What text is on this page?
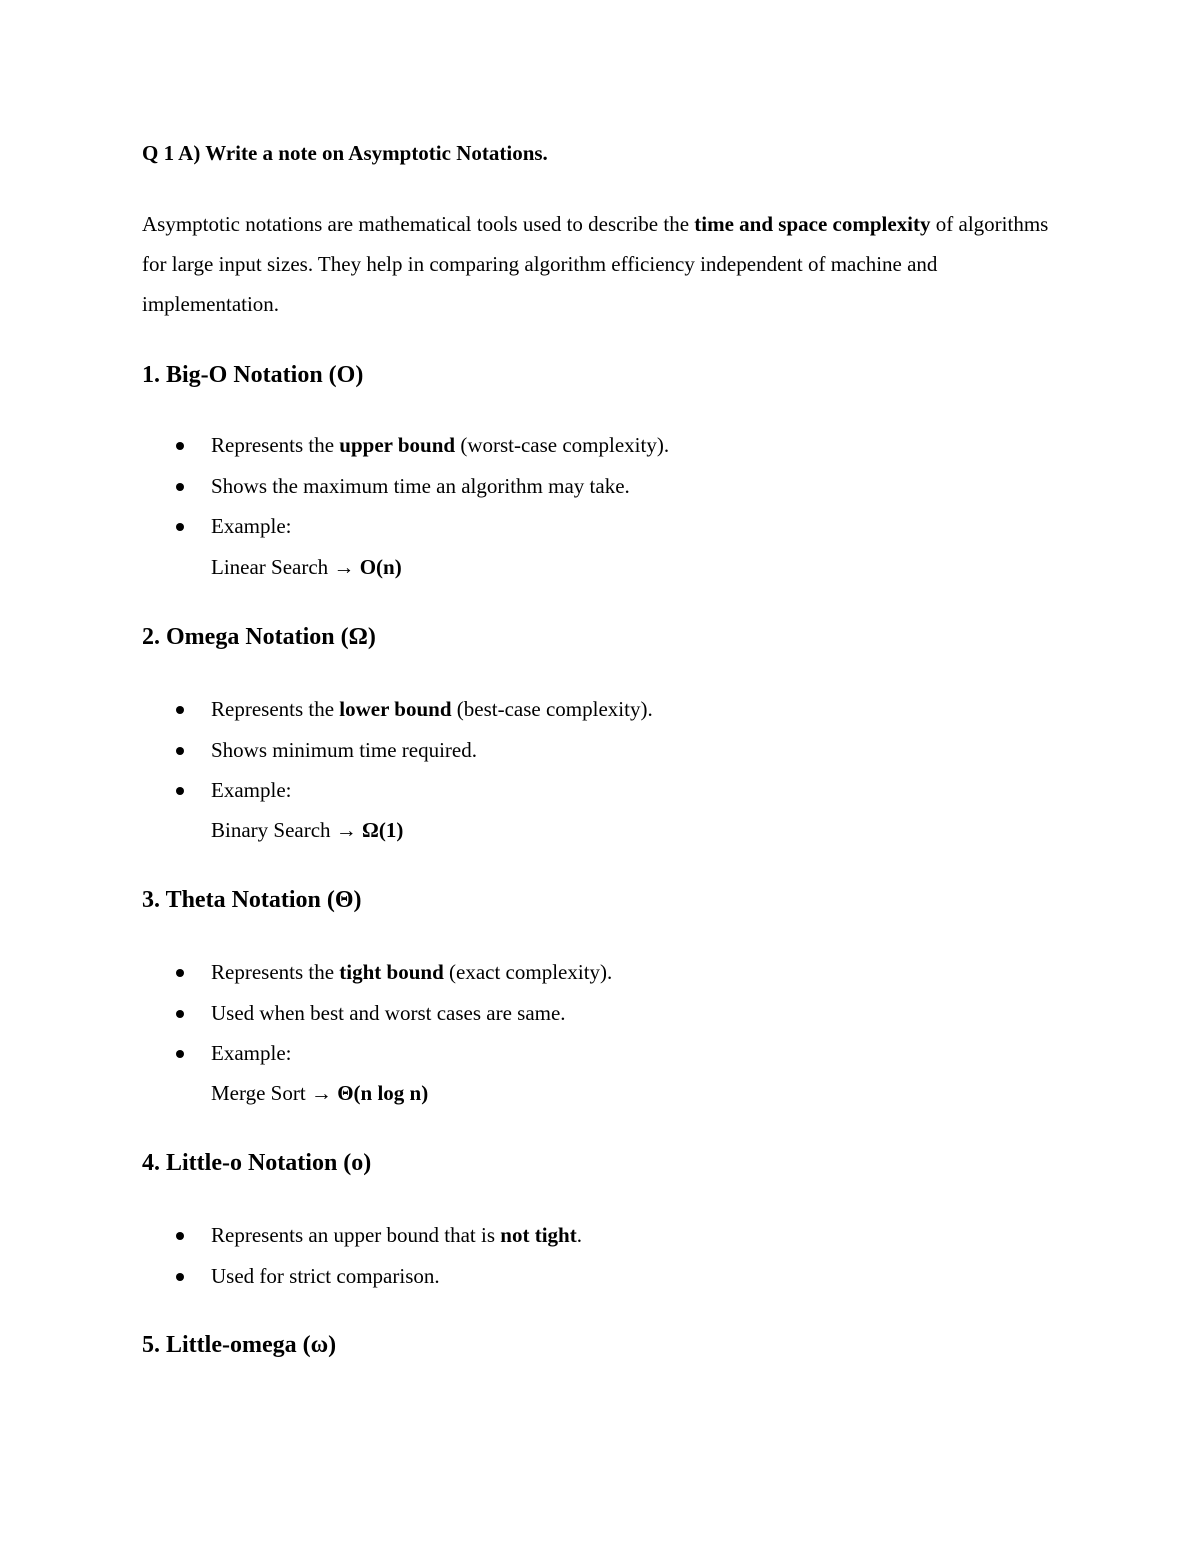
Q 1 A) Write a note on Asymptotic Notations.
Asymptotic notations are mathematical tools used to describe the time and space complexity of algorithms for large input sizes. They help in comparing algorithm efficiency independent of machine and implementation.
1. Big-O Notation (O)
Represents the upper bound (worst-case complexity).
Shows the maximum time an algorithm may take.
Example:
Linear Search → O(n)
2. Omega Notation (Ω)
Represents the lower bound (best-case complexity).
Shows minimum time required.
Example:
Binary Search → Ω(1)
3. Theta Notation (Θ)
Represents the tight bound (exact complexity).
Used when best and worst cases are same.
Example:
Merge Sort → Θ(n log n)
4. Little-o Notation (o)
Represents an upper bound that is not tight.
Used for strict comparison.
5. Little-omega (ω)
